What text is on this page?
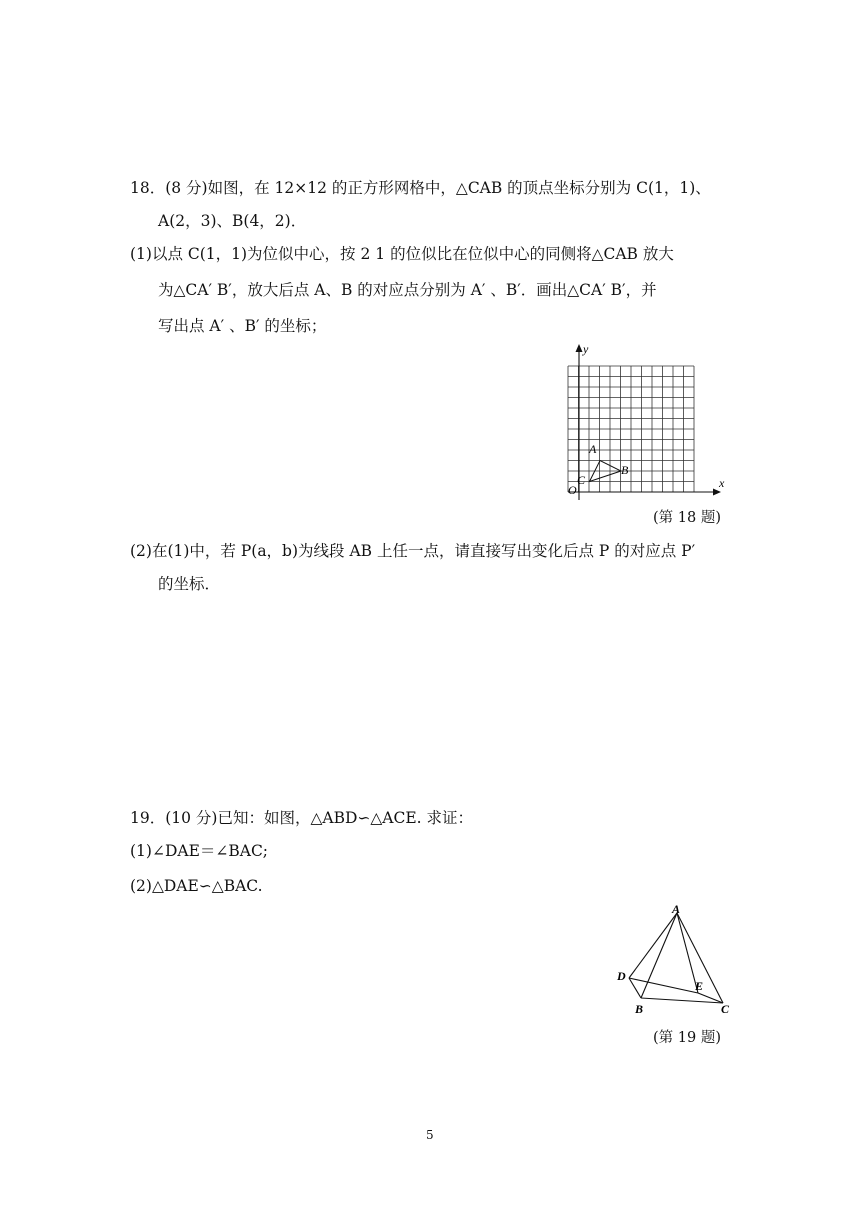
18．(8 分)如图，在 12×12 的正方形网格中，△CAB 的顶点坐标分别为 C(1，1)、
A(2，3)、B(4，2)．
(1)以点 C(1，1)为位似中心，按 2 1 的位似比在位似中心的同侧将△CAB 放大
为△CA′ B′，放大后点 A、B 的对应点分别为 A′ 、B′．画出△CA′ B′，并
写出点 A′ 、B′ 的坐标；
x
y
O
A
B
C
(第 18 题)
(2)在(1)中，若 P(a，b)为线段 AB 上任一点，请直接写出变化后点 P 的对应点 P′
的坐标．
19．(10 分)已知：如图，△ABD∽△ACE. 求证：
(1)∠DAE＝∠BAC;
(2)△DAE∽△BAC.
A
B	C
D
E
(第 19 题)
5
